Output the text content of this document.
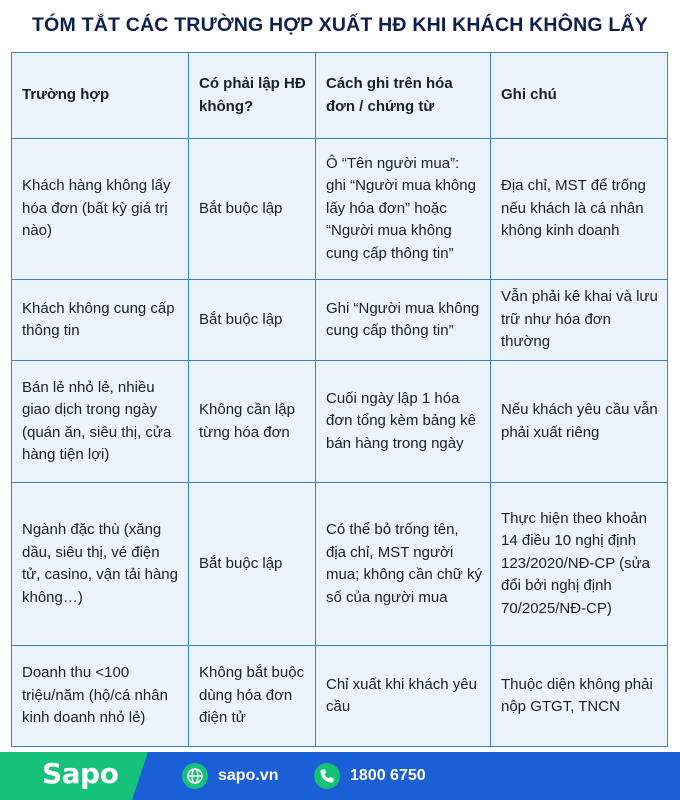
TÓM TẮT CÁC TRƯỜNG HỢP XUẤT HĐ KHI KHÁCH KHÔNG LẤY
Trường hợp	Có phải lập HĐ không?	Cách ghi trên hóa đơn / chứng từ	Ghi chú
Khách hàng không lấy hóa đơn (bất kỳ giá trị nào)	Bắt buộc lập	Ô “Tên người mua”: ghi “Người mua không lấy hóa đơn” hoặc “Người mua không cung cấp thông tin”	Địa chỉ, MST để trống nếu khách là cá nhân không kinh doanh
Khách không cung cấp thông tin	Bắt buộc lập	Ghi “Người mua không cung cấp thông tin”	Vẫn phải kê khai và lưu trữ như hóa đơn thường
Bán lẻ nhỏ lẻ, nhiều giao dịch trong ngày (quán ăn, siêu thị, cửa hàng tiện lợi)	Không cần lập từng hóa đơn	Cuối ngày lập 1 hóa đơn tổng kèm bảng kê bán hàng trong ngày	Nếu khách yêu cầu vẫn phải xuất riêng
Ngành đặc thù (xăng dầu, siêu thị, vé điện tử, casino, vận tải hàng không…)	Bắt buộc lập	Có thể bỏ trống tên, địa chỉ, MST người mua; không cần chữ ký số của người mua	Thực hiện theo khoản 14 điều 10 nghị định 123/2020/NĐ-CP (sửa đổi bởi nghị định 70/2025/NĐ-CP)
Doanh thu <100 triệu/năm (hộ/cá nhân kinh doanh nhỏ lẻ)	Không bắt buộc dùng hóa đơn điện tử	Chỉ xuất khi khách yêu cầu	Thuộc diện không phải nộp GTGT, TNCN
Sapo	sapo.vn	1800 6750
